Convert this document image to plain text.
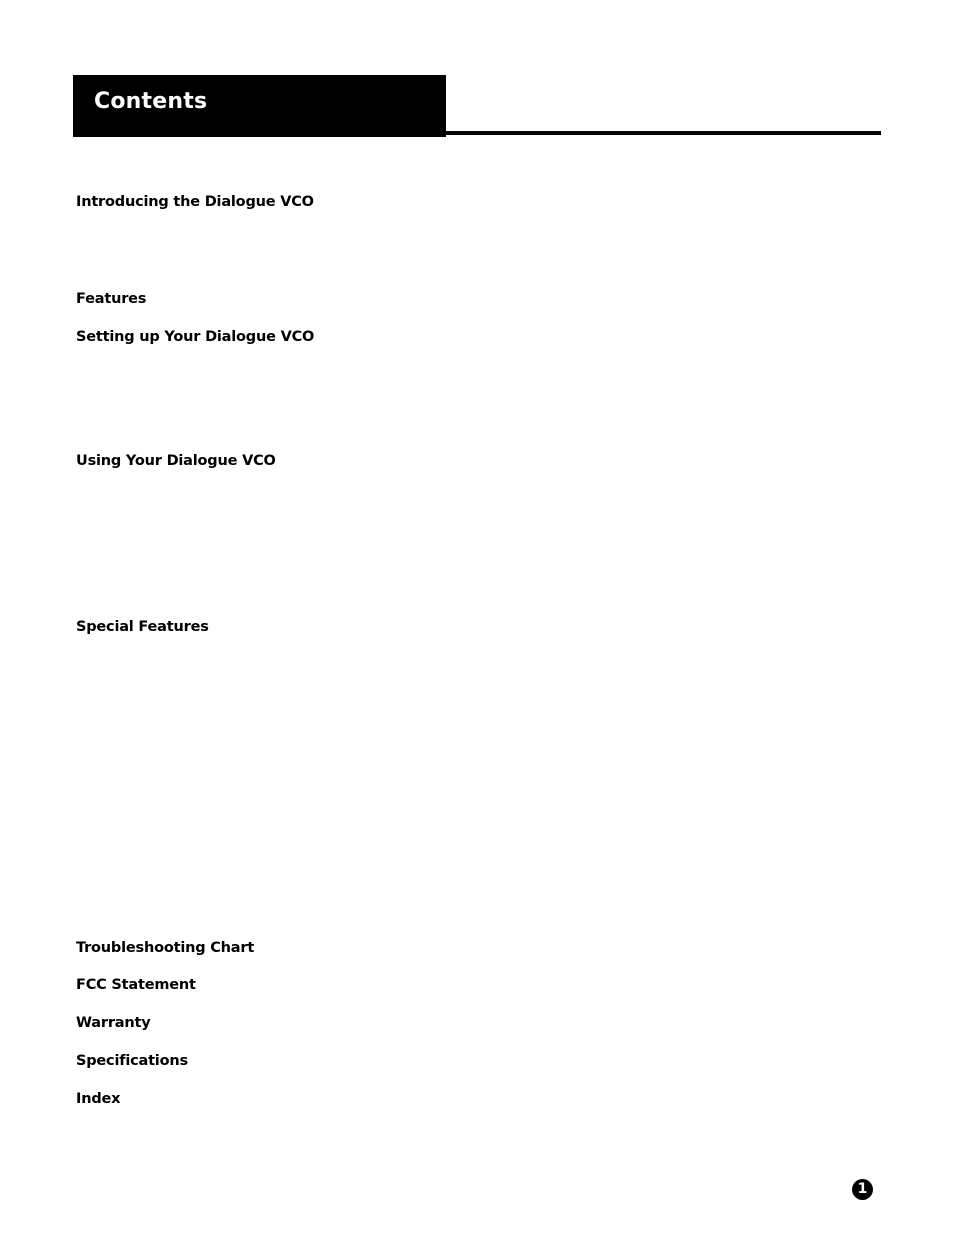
Contents
Introducing the Dialogue VCO
Features
Setting up Your Dialogue VCO
Using Your Dialogue VCO
Special Features
Troubleshooting Chart
FCC Statement
Warranty
Specifications
Index
1
